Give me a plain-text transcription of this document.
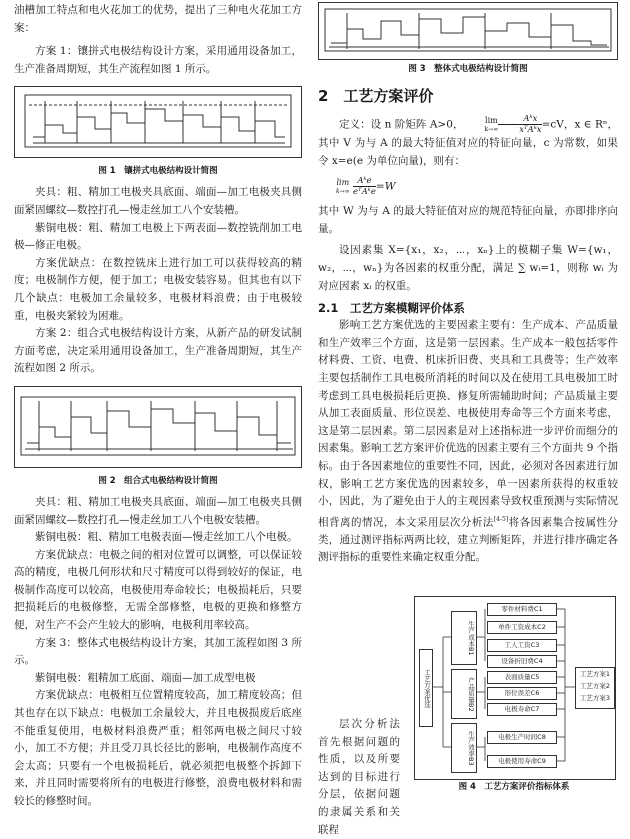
油槽加工特点和电火花加工的优势，提出了三种电火花加工方案：

方案 1：镶拼式电极结构设计方案，采用通用设备加工，生产准备周期短，其生产流程如图 1 所示。

图 1　镶拼式电极结构设计简图

夹具：粗、精加工电极夹具底面、端面—加工电极夹具侧面紧固螺纹—数控打孔—慢走丝加工八个安装槽。

紫铜电极：粗、精加工电极上下两表面—数控铣削加工电极—修正电极。

方案优缺点：在数控铣床上进行加工可以获得较高的精度；电极制作方便，便于加工；电极安装容易。但其也有以下几个缺点：电极加工余量较多，电极材料浪费；由于电极较重，电极夹紧较为困难。

方案 2：组合式电极结构设计方案，从新产品的研发试制方面考虑，决定采用通用设备加工，生产准备周期短，其生产流程如图 2 所示。

图 2　组合式电极结构设计简图

夹具：粗、精加工电极夹具底面、端面—加工电极夹具侧面紧固螺纹—数控打孔—慢走丝加工八个电极安装槽。

紫铜电极：粗、精加工电极表面—慢走丝加工八个电极。

方案优缺点：电极之间的相对位置可以调整，可以保证较高的精度，电极几何形状和尺寸精度可以得到较好的保证，电极制作高度可以较高，电极使用寿命较长；电极损耗后，只要把损耗后的电极修整，无需全部修整，电极的更换和修整方便，对生产不会产生较大的影响，电极利用率较高。

方案 3：整体式电极结构设计方案，其加工流程如图 3 所示。

紫铜电极：粗精加工底面、端面—加工成型电极

方案优缺点：电极相互位置精度较高，加工精度较高；但其也存在以下缺点：电极加工余量较大，并且电极损废后底座不能重复使用，电极材料浪费严重；相邻两电极之间尺寸较小，加工不方便；并且受刀具长径比的影响，电极制作高度不会太高；只要有一个电极损耗后，就必须把电极整个拆卸下来，并且同时需要将所有的电极进行修整，浪费电极材料和需较长的修整时间。

图 3　整体式电极结构设计简图
2　工艺方案评价

定义：设 n 阶矩阵 A>0，	lim
$k\to\infty \frac{\text{Aᵏx}}{\text{xᵀAᵏx}} =cV$，x ∈ Rⁿ，其中 V 为与 A 的最大特征值对应的特征向量，c 为常数，如果令 x=e(e 为单位向量)，则有：

lim
k→∞
$\frac{\text{Aᵏe}}{\text{eᵀAᵏe}} =W$

其中 W 为与 A 的最大特征值对应的规范特征向量，亦即排序向量。

设因素集 X={x₁，x₂，⋯，xₙ}上的模糊子集 W={w₁，w₂，⋯，wₙ}为各因素的权重分配，满足 ∑ wᵢ=1，则称 wᵢ 为对应因素 xᵢ 的权重。

2.1　工艺方案模糊评价体系

影响工艺方案优选的主要因素主要有：生产成本、产品质量和生产效率三个方面，这是第一层因素。生产成本一般包括零件材料费、工资、电费、机床折旧费、夹具和工具费等；生产效率主要包括制作工具电极所消耗的时间以及在使用工具电极加工时考虑到工具电极损耗后更换、修复所需辅助时间；产品质量主要从加工表面质量、形位误差、电极使用寿命等三个方面来考虑，这是第二层因素。第二层因素是对上述指标进一步评价而细分的因素集。影响工艺方案评价优选的因素主要有三个方面共 9 个指标。由于各因素地位的重要性不同，因此，必须对各因素进行加权，影响工艺方案优选的因素较多，单一因素所获得的权重较小，因此，为了避免由于人的主观因素导致权重预测与实际情况相背离的情况，本文采用层次分析法[4-5]将各因素集合按属性分类，通过测评指标两两比较，建立判断矩阵，并进行排序确定各测评指标的重要性来确定权重分配。

层次分析法首先根据问题的性质，以及所要达到的目标进行分层，依据问题的隶属关系和关联程

工艺方案优选
生产成本B1
产品质量B2
生产效率B3
零件材料费C1
单件工资成本C2
工人工资C3
设备折旧费C4
表面质量C5
形位误差C6
电极寿命C7
电极生产时间C8
电极使用寿命C9
工艺方案1
工艺方案2
工艺方案3
图 4　工艺方案评价指标体系
